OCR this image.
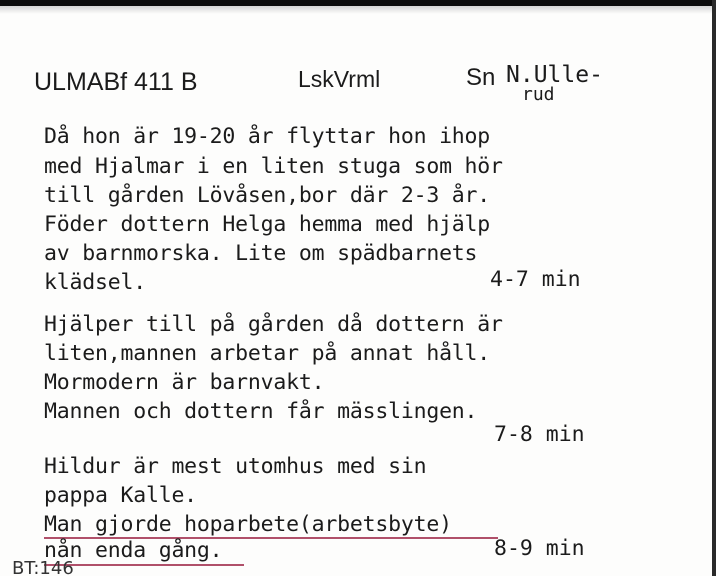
ULMABf 411 B	LskVrml	Sn N.Ulle-
rud
Då hon är 19-20 år flyttar hon ihop
med Hjalmar i en liten stuga som hör
till gården Lövåsen,bor där 2-3 år.
Föder dottern Helga hemma med hjälp
av barnmorska. Lite om spädbarnets
klädsel.	4-7 min
Hjälper till på gården då dottern är
liten,mannen arbetar på annat håll.
Mormodern är barnvakt.
Mannen och dottern får mässlingen.
7-8 min
Hildur är mest utomhus med sin
pappa Kalle.
Man gjorde hoparbete(arbetsbyte)
nån enda gång.	8-9 min
BT:146
